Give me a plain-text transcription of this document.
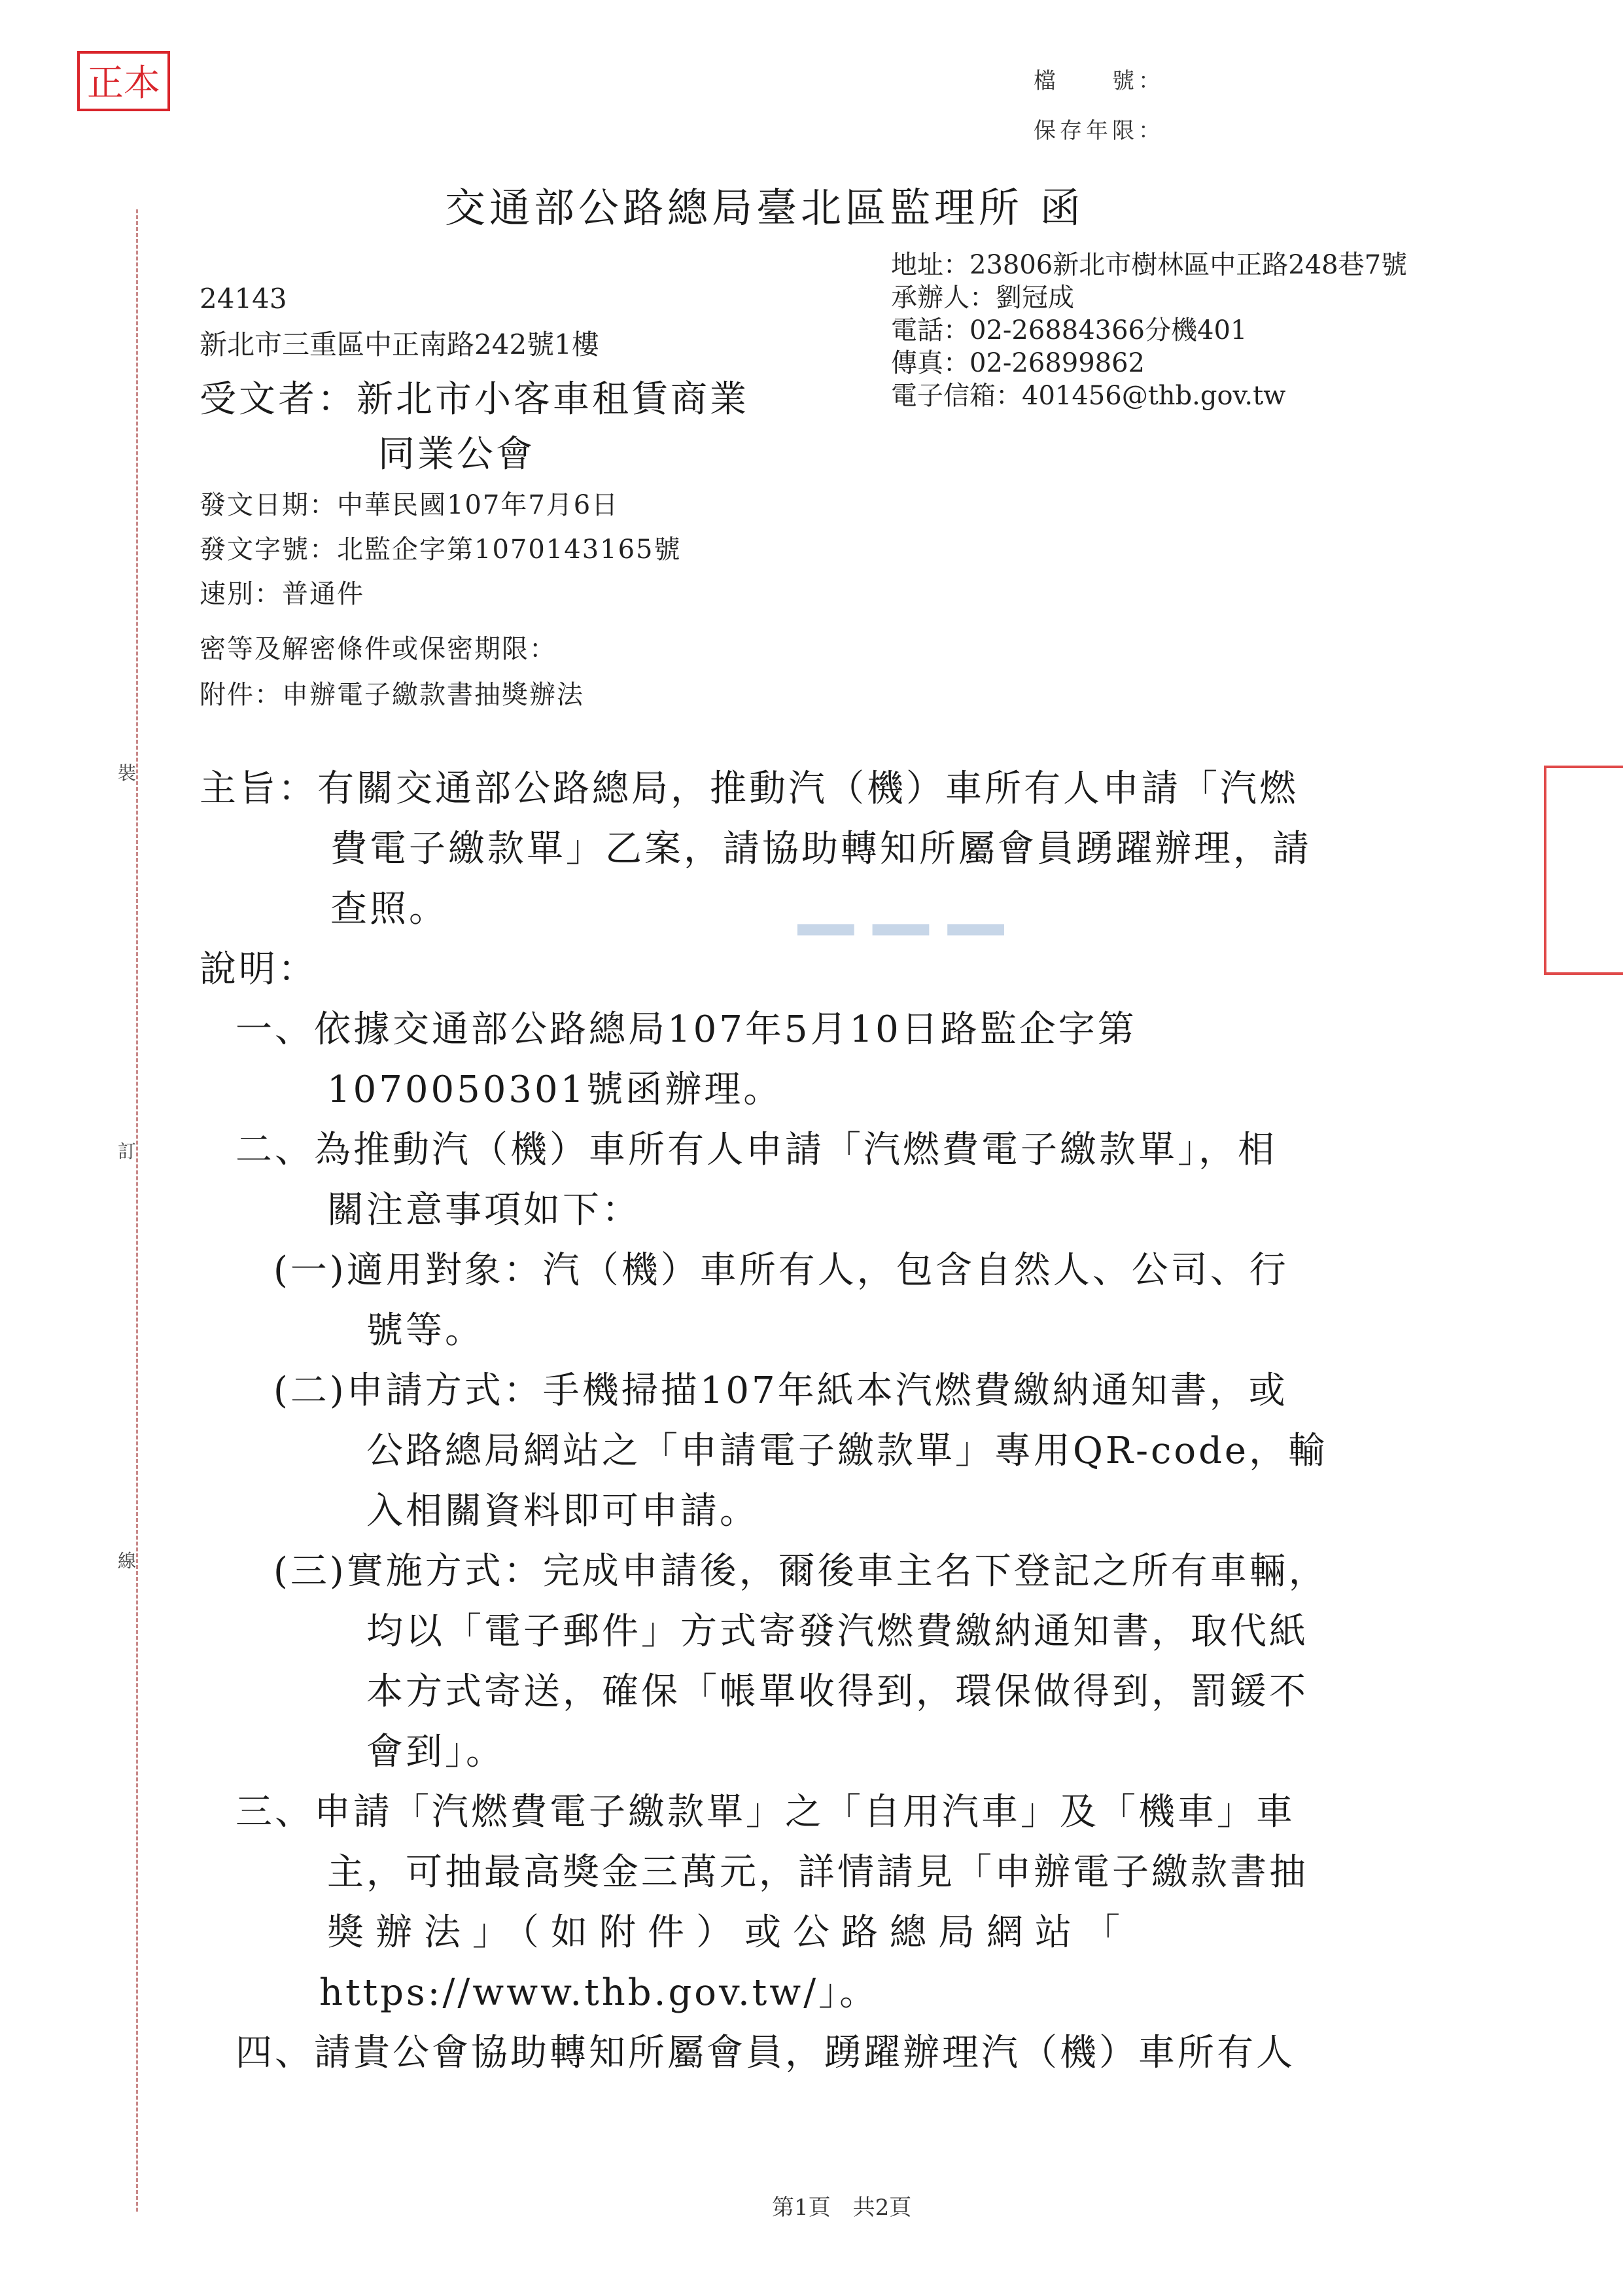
正本	檔　　號：
保存年限：
交通部公路總局臺北區監理所 函
地址：23806新北市樹林區中正路248巷7號
承辦人：劉冠成
電話：02-26884366分機401
傳真：02-26899862
電子信箱：401456@thb.gov.tw
24143
新北市三重區中正南路242號1樓
受文者：新北市小客車租賃商業
同業公會
發文日期：中華民國107年7月6日
發文字號：北監企字第1070143165號
速別：普通件
密等及解密條件或保密期限：
附件：申辦電子繳款書抽獎辦法
裝
訂
線
▁▁▁
主旨：有關交通部公路總局，推動汽（機）車所有人申請「汽燃
費電子繳款單」乙案，請協助轉知所屬會員踴躍辦理，請
查照。
說明：
一、依據交通部公路總局107年5月10日路監企字第
1070050301號函辦理。
二、為推動汽（機）車所有人申請「汽燃費電子繳款單」，相
關注意事項如下：
(一)適用對象：汽（機）車所有人，包含自然人、公司、行
號等。
(二)申請方式：手機掃描107年紙本汽燃費繳納通知書，或
公路總局網站之「申請電子繳款單」專用QR-code，輸
入相關資料即可申請。
(三)實施方式：完成申請後，爾後車主名下登記之所有車輛，
均以「電子郵件」方式寄發汽燃費繳納通知書，取代紙
本方式寄送，確保「帳單收得到，環保做得到，罰鍰不
會到」。
三、申請「汽燃費電子繳款單」之「自用汽車」及「機車」車
主，可抽最高獎金三萬元，詳情請見「申辦電子繳款書抽
獎辦法」（如附件）或公路總局網站「
https://www.thb.gov.tw/」。
四、請貴公會協助轉知所屬會員，踴躍辦理汽（機）車所有人
第1頁　共2頁
